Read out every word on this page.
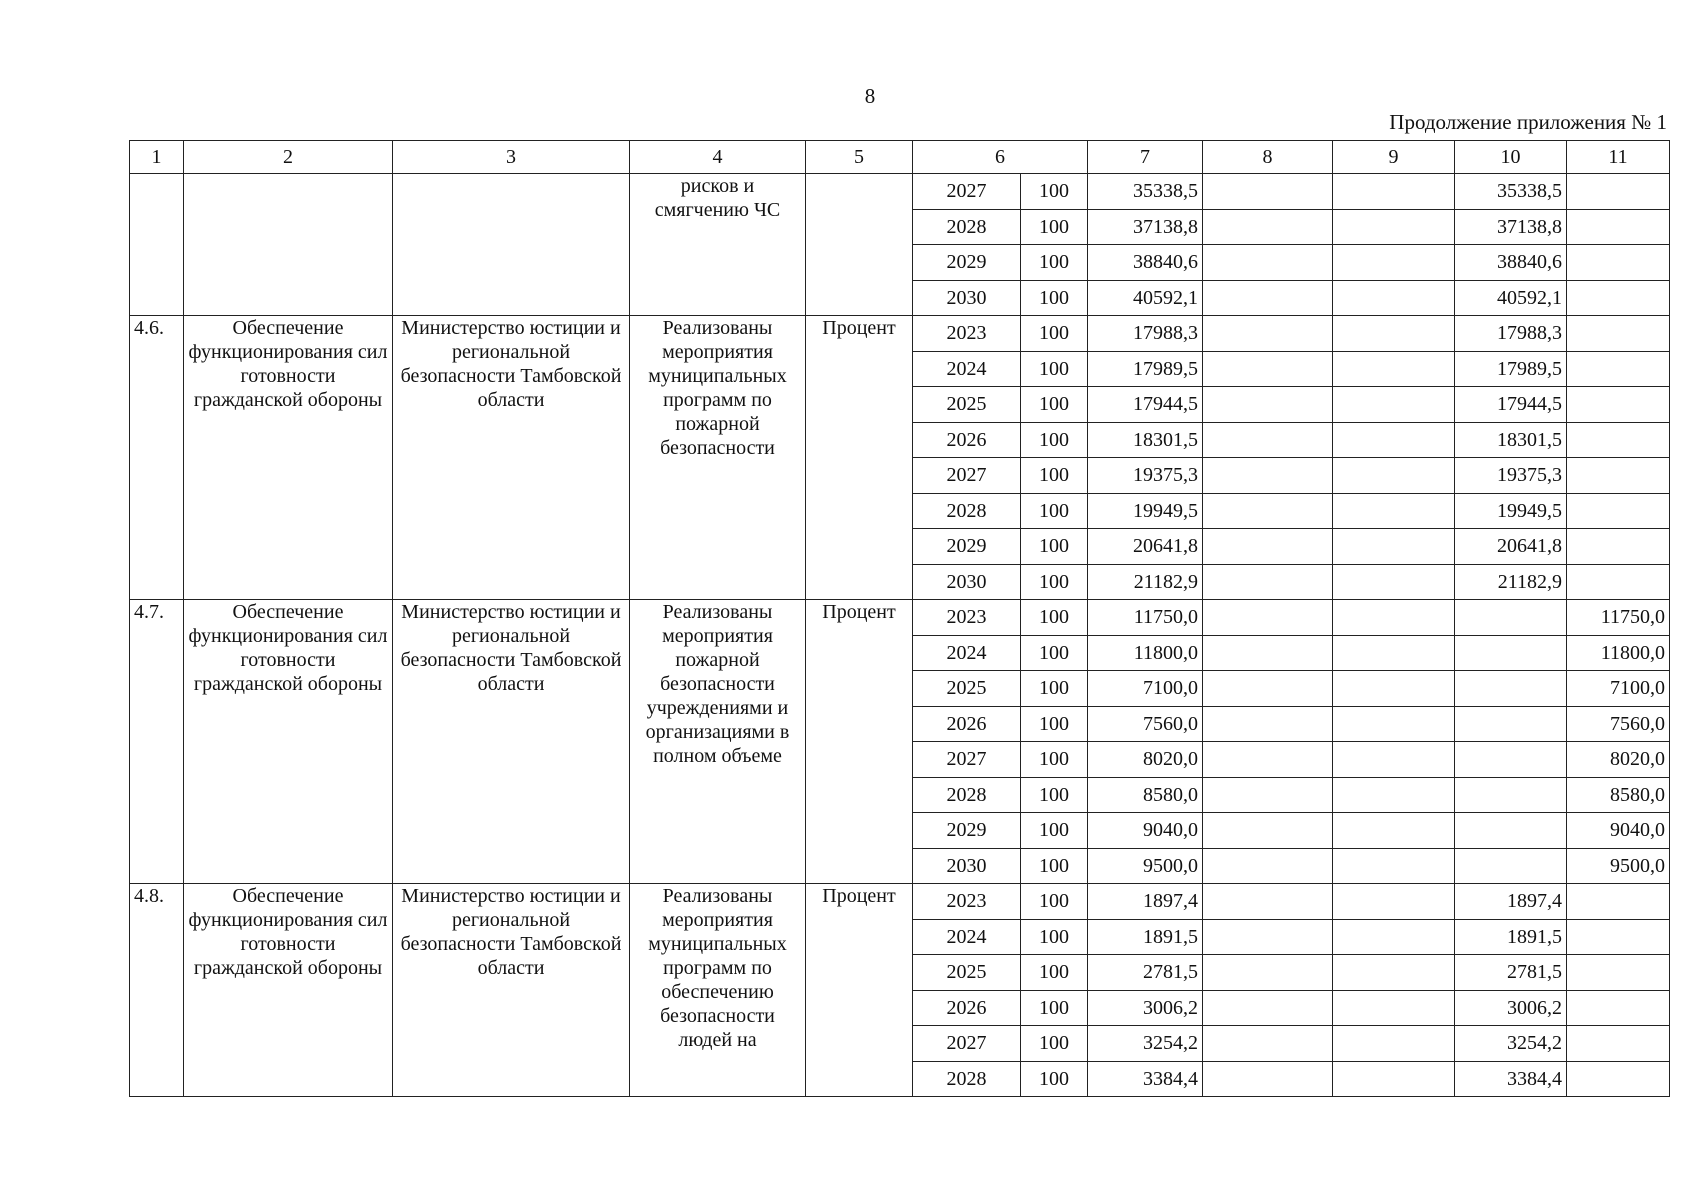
8
Продолжение приложения № 1
1	2	3	4	5	6		7	8	9	10	11
			рисков и смягчению ЧС		2027	100	35338,5			35338,5	
					2028	100	37138,8			37138,8	
					2029	100	38840,6			38840,6	
					2030	100	40592,1			40592,1	
4.6.	Обеспечение функционирования сил готовности гражданской обороны	Министерство юстиции и региональной безопасности Тамбовской области	Реализованы мероприятия муниципальных программ по пожарной безопасности	Процент	2023	100	17988,3			17988,3	
					2024	100	17989,5			17989,5	
					2025	100	17944,5			17944,5	
					2026	100	18301,5			18301,5	
					2027	100	19375,3			19375,3	
					2028	100	19949,5			19949,5	
					2029	100	20641,8			20641,8	
					2030	100	21182,9			21182,9	
4.7.	Обеспечение функционирования сил готовности гражданской обороны	Министерство юстиции и региональной безопасности Тамбовской области	Реализованы мероприятия пожарной безопасности учреждениями и организациями в полном объеме	Процент	2023	100	11750,0				11750,0
					2024	100	11800,0				11800,0
					2025	100	7100,0				7100,0
					2026	100	7560,0				7560,0
					2027	100	8020,0				8020,0
					2028	100	8580,0				8580,0
					2029	100	9040,0				9040,0
					2030	100	9500,0				9500,0
4.8.	Обеспечение функционирования сил готовности гражданской обороны	Министерство юстиции и региональной безопасности Тамбовской области	Реализованы мероприятия муниципальных программ по обеспечению безопасности людей на	Процент	2023	100	1897,4			1897,4	
					2024	100	1891,5			1891,5	
					2025	100	2781,5			2781,5	
					2026	100	3006,2			3006,2	
					2027	100	3254,2			3254,2	
					2028	100	3384,4			3384,4	
